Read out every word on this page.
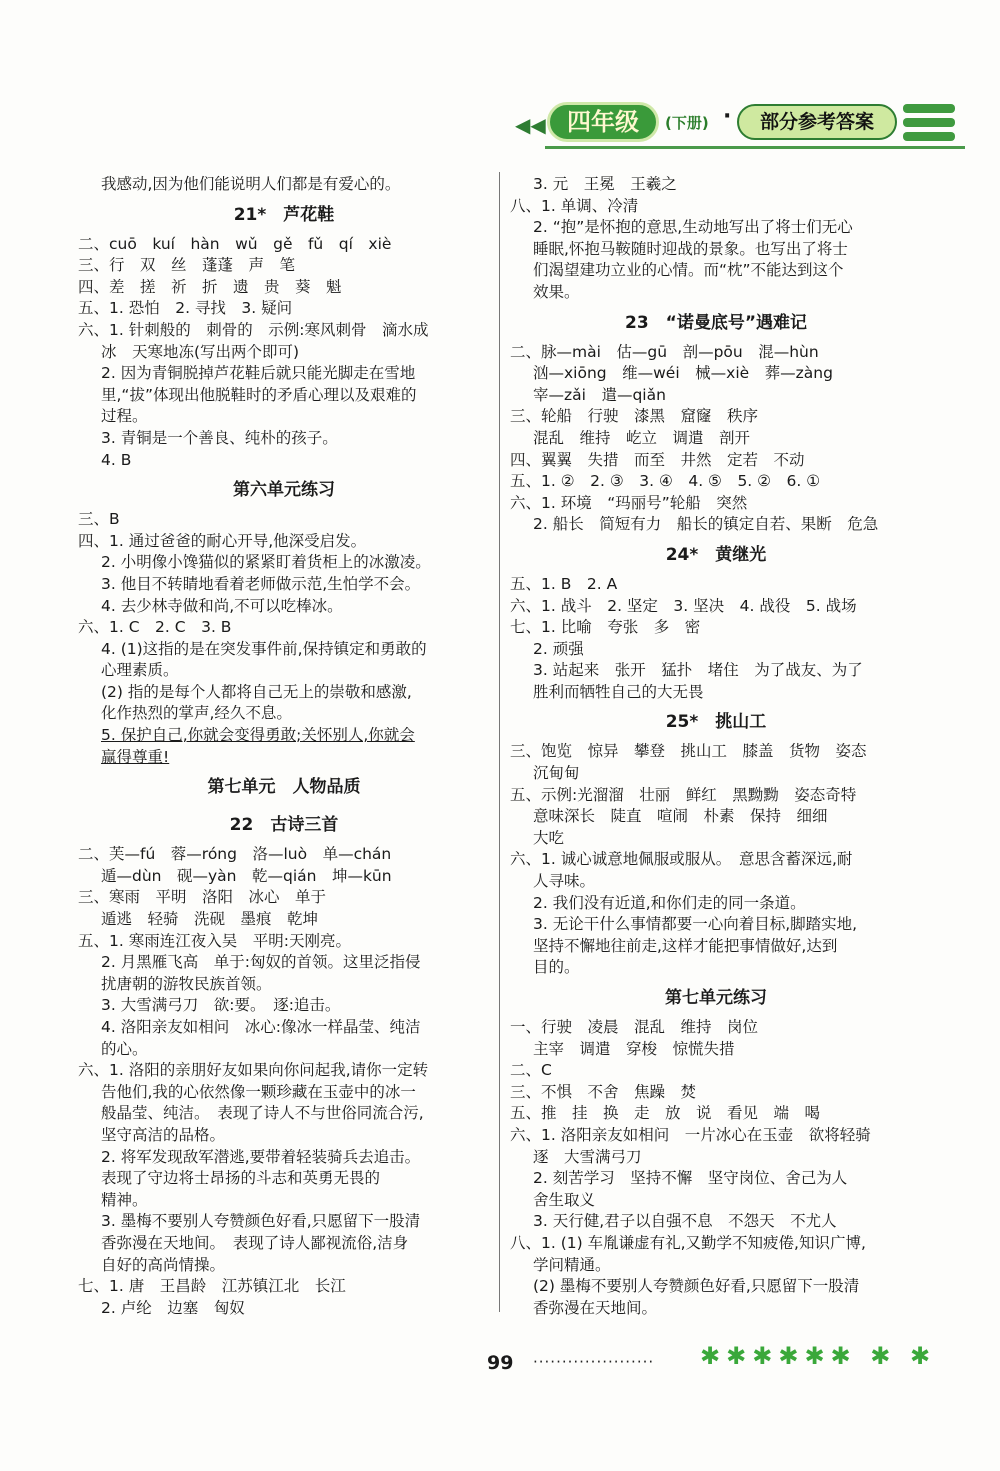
◀◀ 四年级	(下册) ·	部分参考答案
我感动,因为他们能说明人们都是有爱心的。
21*　芦花鞋
二、cuō　kuí　hàn　wǔ　gě　fǔ　qí　xiè
三、行　双　丝　蓬蓬　声　笔
四、差　搓　祈　折　遗　贵　葵　魁
五、1. 恐怕　2. 寻找　3. 疑问
六、1. 针刺般的　刺骨的　示例:寒风刺骨　滴水成
冰　天寒地冻(写出两个即可)
2. 因为青铜脱掉芦花鞋后就只能光脚走在雪地
里,“拔”体现出他脱鞋时的矛盾心理以及艰难的
过程。
3. 青铜是一个善良、纯朴的孩子。
4. B
第六单元练习
三、B
四、1. 通过爸爸的耐心开导,他深受启发。
2. 小明像小馋猫似的紧紧盯着货柜上的冰激凌。
3. 他目不转睛地看着老师做示范,生怕学不会。
4. 去少林寺做和尚,不可以吃棒冰。
六、1. C　2. C　3. B
4. (1)这指的是在突发事件前,保持镇定和勇敢的
心理素质。
(2) 指的是每个人都将自己无上的崇敬和感激,
化作热烈的掌声,经久不息。
5. 保护自己,你就会变得勇敢;关怀别人,你就会
赢得尊重!
第七单元　人物品质
22　古诗三首
二、芙—fú　蓉—róng　洛—luò　单—chán
遁—dùn　砚—yàn　乾—qián　坤—kūn
三、寒雨　平明　洛阳　冰心　单于
遁逃　轻骑　洗砚　墨痕　乾坤
五、1. 寒雨连江夜入吴　平明:天刚亮。
2. 月黑雁飞高　单于:匈奴的首领。这里泛指侵
扰唐朝的游牧民族首领。
3. 大雪满弓刀　欲:要。　逐:追击。
4. 洛阳亲友如相问　冰心:像冰一样晶莹、纯洁
的心。
六、1. 洛阳的亲朋好友如果向你问起我,请你一定转
告他们,我的心依然像一颗珍藏在玉壶中的冰一
般晶莹、纯洁。　表现了诗人不与世俗同流合污,
坚守高洁的品格。
2. 将军发现敌军潜逃,要带着轻装骑兵去追击。
表现了守边将士昂扬的斗志和英勇无畏的
精神。
3. 墨梅不要别人夸赞颜色好看,只愿留下一股清
香弥漫在天地间。　表现了诗人鄙视流俗,洁身
自好的高尚情操。
七、1. 唐　王昌龄　江苏镇江北　长江
2. 卢纶　边塞　匈奴
3. 元　王冕　王羲之
八、1. 单调、冷清
2. “抱”是怀抱的意思,生动地写出了将士们无心
睡眠,怀抱马鞍随时迎战的景象。也写出了将士
们渴望建功立业的心情。而“枕”不能达到这个
效果。
23　“诺曼底号”遇难记
二、脉—mài　估—gū　剖—pōu　混—hùn
汹—xiōng　维—wéi　械—xiè　葬—zàng
宰—zǎi　遣—qiǎn
三、轮船　行驶　漆黑　窟窿　秩序
混乱　维持　屹立　调遣　剖开
四、翼翼　失措　而至　井然　定若　不动
五、1. ②　2. ③　3. ④　4. ⑤　5. ②　6. ①
六、1. 环境　“玛丽号”轮船　突然
2. 船长　简短有力　船长的镇定自若、果断　危急
24*　黄继光
五、1. B　2. A
六、1. 战斗　2. 坚定　3. 坚决　4. 战役　5. 战场
七、1. 比喻　夸张　多　密
2. 顽强
3. 站起来　张开　猛扑　堵住　为了战友、为了
胜利而牺牲自己的大无畏
25*　挑山工
三、饱览　惊异　攀登　挑山工　膝盖　货物　姿态
沉甸甸
五、示例:光溜溜　壮丽　鲜红　黑黝黝　姿态奇特
意味深长　陡直　喧闹　朴素　保持　细细
大吃
六、1. 诚心诚意地佩服或服从。　意思含蓄深远,耐
人寻味。
2. 我们没有近道,和你们走的同一条道。
3. 无论干什么事情都要一心向着目标,脚踏实地,
坚持不懈地往前走,这样才能把事情做好,达到
目的。
第七单元练习
一、行驶　凌晨　混乱　维持　岗位
主宰　调遣　穿梭　惊慌失措
二、C
三、不惧　不舍　焦躁　焚
五、推　挂　换　走　放　说　看见　端　喝
六、1. 洛阳亲友如相问　一片冰心在玉壶　欲将轻骑
逐　大雪满弓刀
2. 刻苦学习　坚持不懈　坚守岗位、舍己为人
舍生取义
3. 天行健,君子以自强不息　不怨天　不尤人
八、1. (1) 车胤谦虚有礼,又勤学不知疲倦,知识广博,
学问精通。
(2) 墨梅不要别人夸赞颜色好看,只愿留下一股清
香弥漫在天地间。
99 ····················· ✱✱✱✱✱✱ ✱ ✱
